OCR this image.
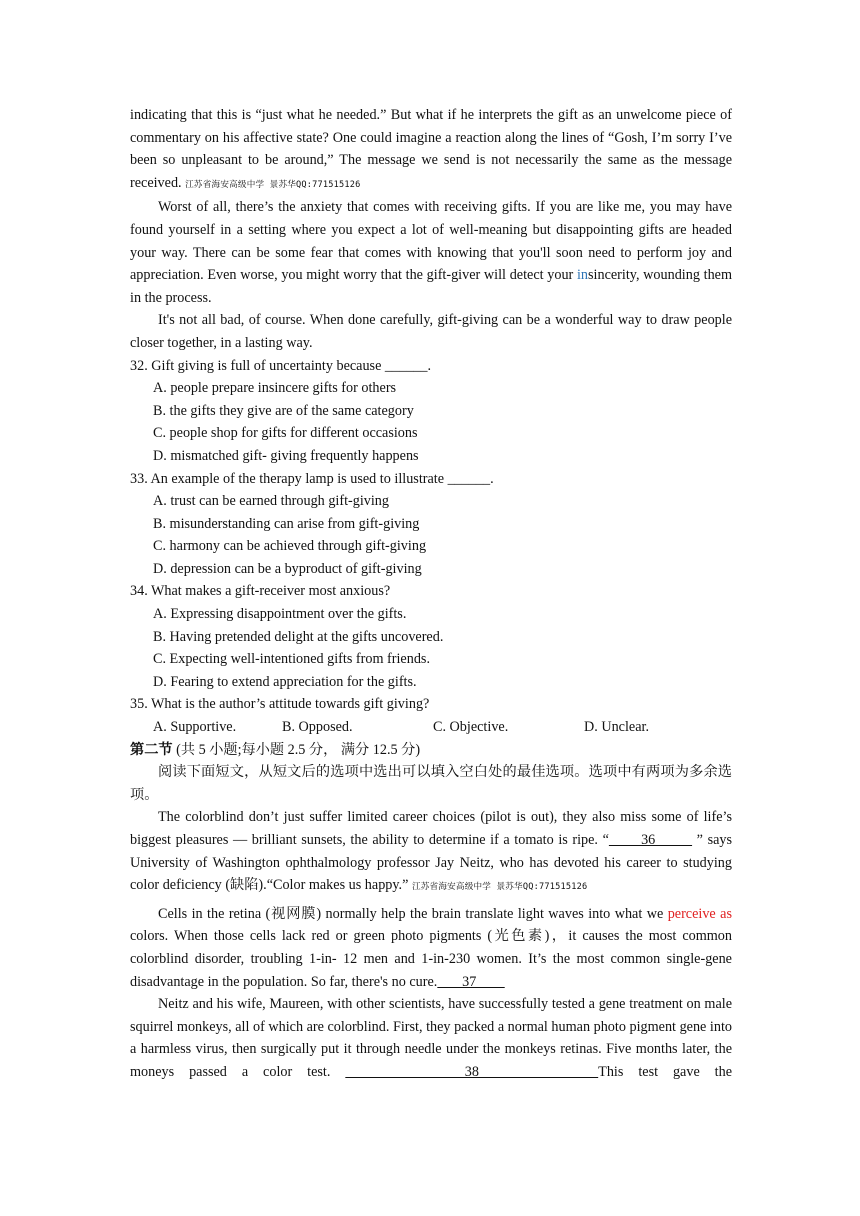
indicating that this is “just what he needed.” But what if he interprets the gift as an unwelcome piece of commentary on his affective state? One could imagine a reaction along the lines of “Gosh, I’m sorry I’ve been so unpleasant to be around,” The message we send is not necessarily the same as the message received. 江苏省海安高级中学 景苏华QQ:771515126

Worst of all, there’s the anxiety that comes with receiving gifts. If you are like me, you may have found yourself in a setting where you expect a lot of well-meaning but disappointing gifts are headed your way. There can be some fear that comes with knowing that you'll soon need to perform joy and appreciation. Even worse, you might worry that the gift-giver will detect your insincerity, wounding them in the process.

It's not all bad, of course. When done carefully, gift-giving can be a wonderful way to draw people closer together, in a lasting way.

32. Gift giving is full of uncertainty because ______.

A. people prepare insincere gifts for others

B. the gifts they give are of the same category

C. people shop for gifts for different occasions

D. mismatched gift- giving frequently happens

33. An example of the therapy lamp is used to illustrate ______.

A. trust can be earned through gift-giving

B. misunderstanding can arise from gift-giving

C. harmony can be achieved through gift-giving

D. depression can be a byproduct of gift-giving

34. What makes a gift-receiver most anxious?

A. Expressing disappointment over the gifts.

B. Having pretended delight at the gifts uncovered.

C. Expecting well-intentioned gifts from friends.

D. Fearing to extend appreciation for the gifts.

35. What is the author’s attitude towards gift giving?

A. Supportive.	B. Opposed.	C. Objective.	D. Unclear.

第二节 (共 5 小题;每小题 2.5 分， 满分 12.5 分)

阅读下面短文，从短文后的选项中选出可以填入空白处的最佳选项。选项中有两项为多余选项。

The colorblind don’t just suffer limited career choices (pilot is out), they also miss some of life’s biggest pleasures — brilliant sunsets, the ability to determine if a tomato is ripe. “       36         ” says University of Washington ophthalmology professor Jay Neitz, who has devoted his career to studying color deficiency (缺陷).“Color makes us happy.” 江苏省海安高级中学 景苏华QQ:771515126

Cells in the retina (视网膜) normally help the brain translate light waves into what we perceive as colors. When those cells lack red or green photo pigments (光色素)，it causes the most common colorblind disorder, troubling 1-in- 12 men and 1-in-230 women. It’s the most common single-gene disadvantage in the population. So far, there's no cure.       37

Neitz and his wife, Maureen, with other scientists, have successfully tested a gene treatment on male squirrel monkeys, all of which are colorblind. First, they packed a normal human photo pigment gene into a harmless virus, then surgically put it through needle under the monkeys retinas. Five months later, the moneys passed a color test.         38        This test gave the
